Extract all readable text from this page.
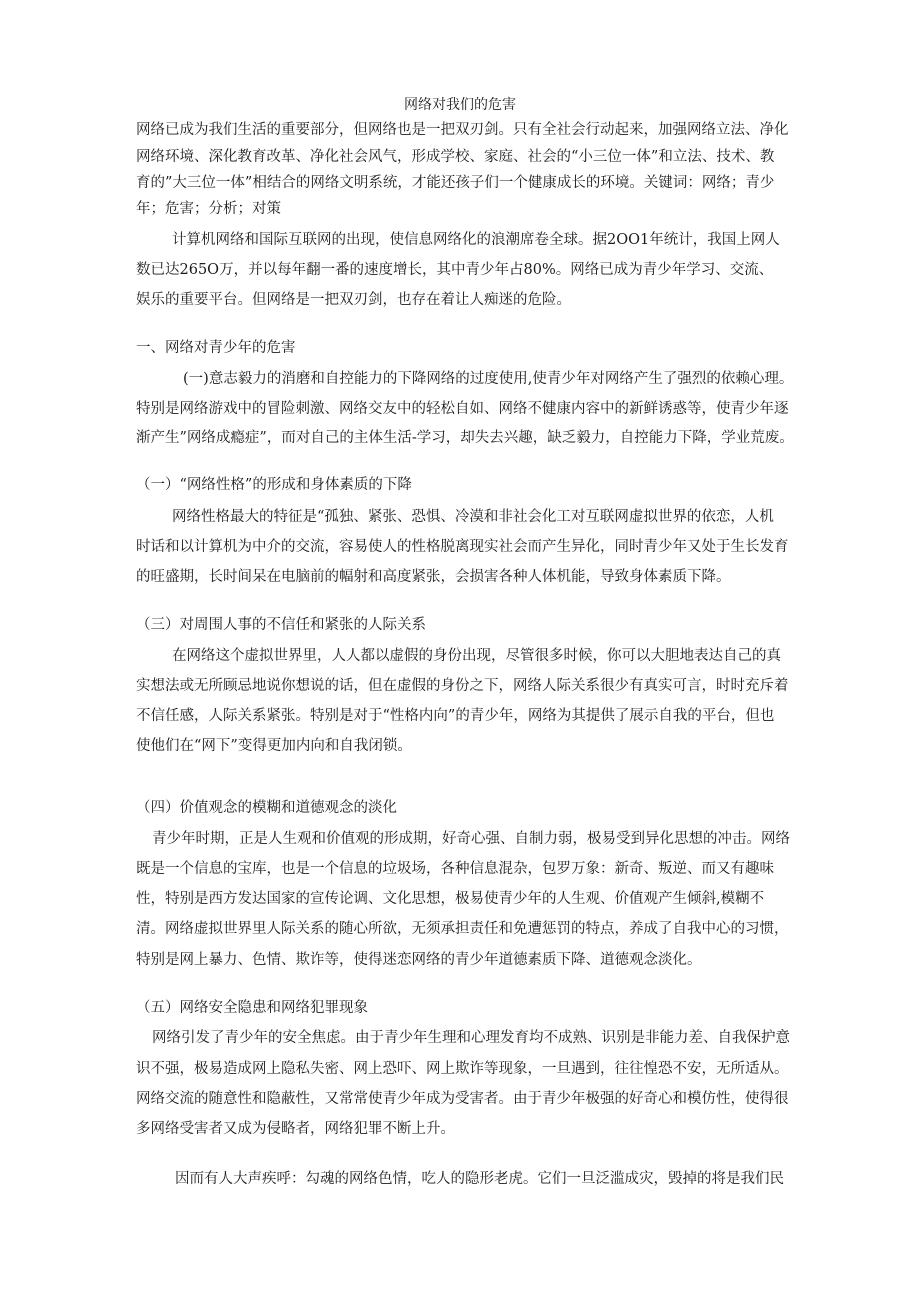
网络对我们的危害
网络已成为我们生活的重要部分，但网络也是一把双刃剑。只有全社会行动起来，加强网络立法、净化
网络环境、深化教育改革、净化社会风气，形成学校、家庭、社会的“小三位一体”和立法、技术、教
育的”大三位一体”相结合的网络文明系统，才能还孩子们一个健康成长的环境。关键词：网络；青少
年；危害；分析；对策
计算机网络和国际互联网的出现，使信息网络化的浪潮席卷全球。据2OO1年统计，我国上网人
数已达265O万，并以每年翻一番的速度增长，其中青少年占80%。网络已成为青少年学习、交流、
娱乐的重要平台。但网络是一把双刃剑，也存在着让人痴迷的危险。
一、网络对青少年的危害
(一)意志毅力的消磨和自控能力的下降网络的过度使用,使青少年对网络产生了强烈的依赖心理。
特别是网络游戏中的冒险刺激、网络交友中的轻松自如、网络不健康内容中的新鲜诱惑等，使青少年逐
渐产生”网络成瘾症”，而对自己的主体生活-学习，却失去兴趣，缺乏毅力，自控能力下降，学业荒废。
（一）“网络性格”的形成和身体素质的下降
网络性格最大的特征是“孤独、紧张、恐惧、冷漠和非社会化工对互联网虚拟世界的依恋，人机
时话和以计算机为中介的交流，容易使人的性格脱离现实社会而产生异化，同时青少年又处于生长发育
的旺盛期，长时间呆在电脑前的幅射和高度紧张，会损害各种人体机能，导致身体素质下降。
（三）对周围人事的不信任和紧张的人际关系
在网络这个虚拟世界里，人人都以虚假的身份出现，尽管很多时候，你可以大胆地表达自己的真
实想法或无所顾忌地说你想说的话，但在虚假的身份之下，网络人际关系很少有真实可言，时时充斥着
不信任感，人际关系紧张。特别是对于“性格内向”的青少年，网络为其提供了展示自我的平台，但也
使他们在“网下”变得更加内向和自我闭锁。
（四）价值观念的模糊和道德观念的淡化
青少年时期，正是人生观和价值观的形成期，好奇心强、自制力弱，极易受到异化思想的冲击。网络
既是一个信息的宝库，也是一个信息的垃圾场，各种信息混杂，包罗万象：新奇、叛逆、而又有趣味
性，特别是西方发达国家的宣传论调、文化思想，极易使青少年的人生观、价值观产生倾斜,模糊不
清。网络虚拟世界里人际关系的随心所欲，无须承担责任和免遭惩罚的特点，养成了自我中心的习惯，
特别是网上暴力、色情、欺诈等，使得迷恋网络的青少年道德素质下降、道德观念淡化。
（五）网络安全隐患和网络犯罪现象
网络引发了青少年的安全焦虑。由于青少年生理和心理发育均不成熟、识别是非能力差、自我保护意
识不强，极易造成网上隐私失密、网上恐吓、网上欺诈等现象，一旦遇到，往往惶恐不安，无所适从。
网络交流的随意性和隐蔽性，又常常使青少年成为受害者。由于青少年极强的好奇心和模仿性，使得很
多网络受害者又成为侵略者，网络犯罪不断上升。
因而有人大声疾呼：勾魂的网络色情，吃人的隐形老虎。它们一旦泛滥成灾，毁掉的将是我们民
